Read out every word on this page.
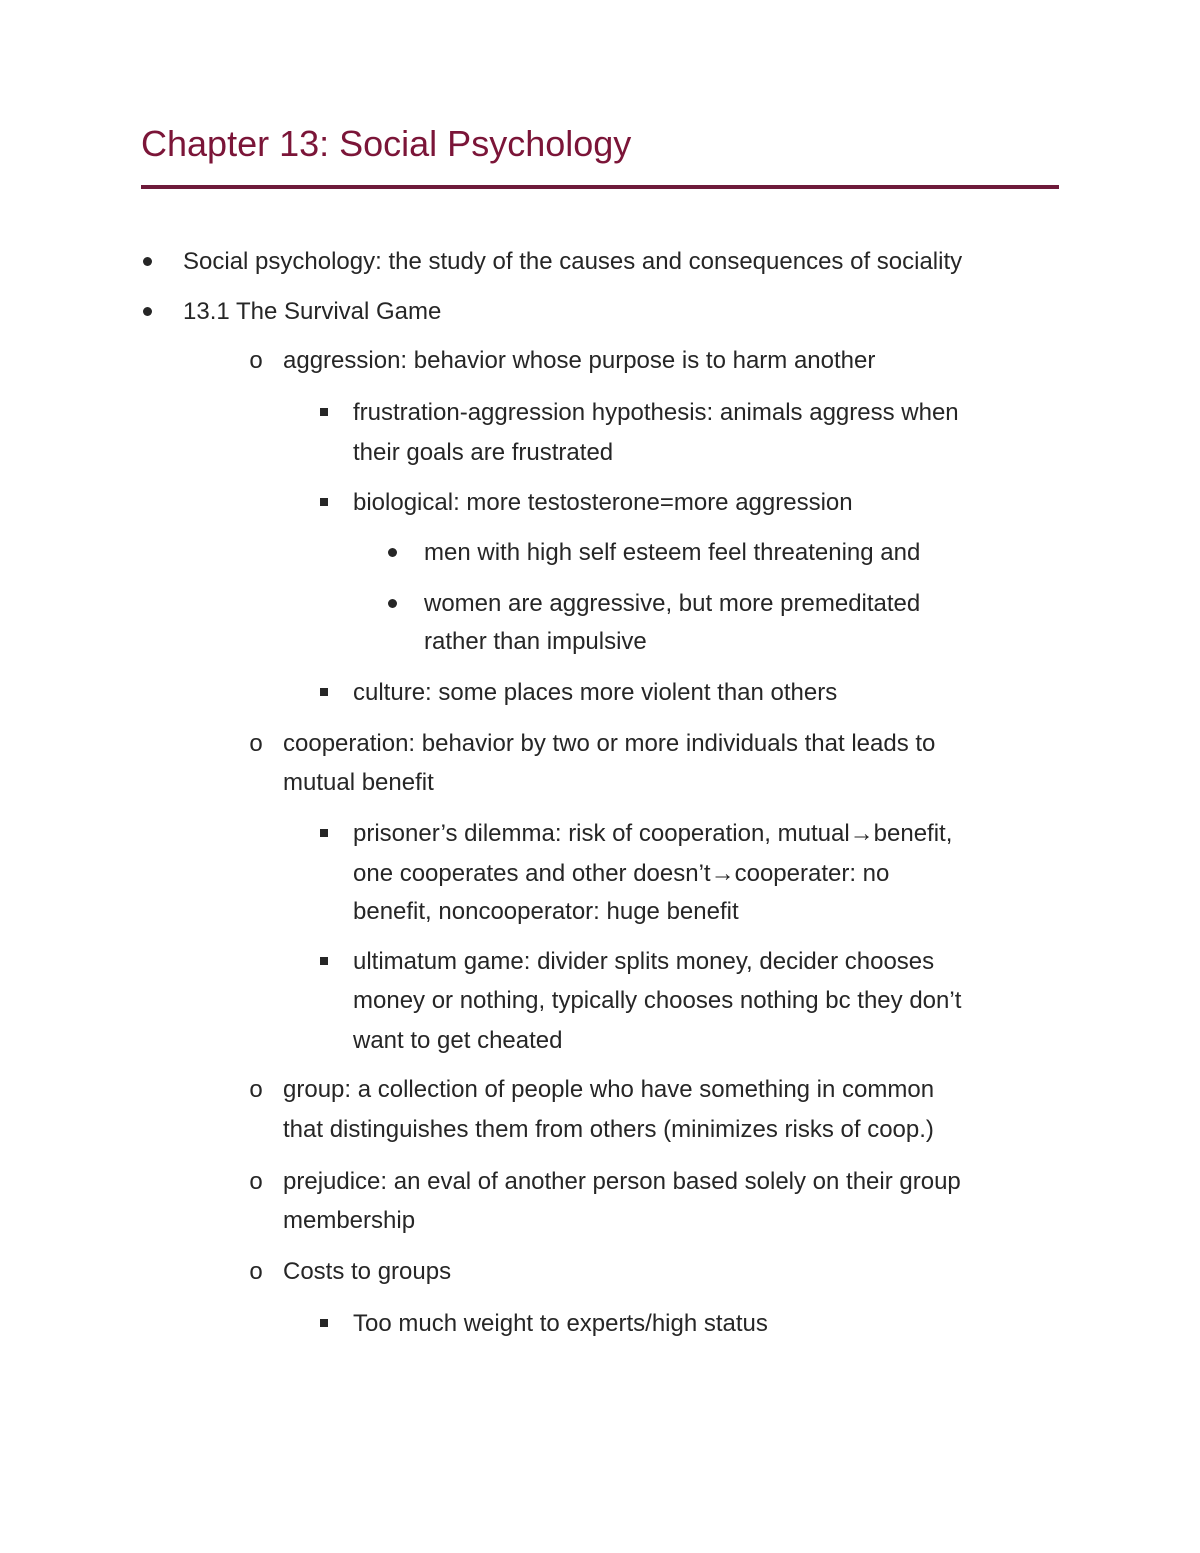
Chapter 13: Social Psychology
Social psychology: the study of the causes and consequences of sociality
13.1 The Survival Game
o aggression: behavior whose purpose is to harm another
frustration-aggression hypothesis: animals aggress when
their goals are frustrated
biological: more testosterone=more aggression
men with high self esteem feel threatening and
women are aggressive, but more premeditated
rather than impulsive
culture: some places more violent than others
o cooperation: behavior by two or more individuals that leads to
mutual benefit
prisoner’s dilemma: risk of cooperation, mutual→benefit,
one cooperates and other doesn’t→cooperater: no
benefit, noncooperator: huge benefit
ultimatum game: divider splits money, decider chooses
money or nothing, typically chooses nothing bc they don’t
want to get cheated
o group: a collection of people who have something in common
that distinguishes them from others (minimizes risks of coop.)
o prejudice: an eval of another person based solely on their group
membership
o Costs to groups
Too much weight to experts/high status
